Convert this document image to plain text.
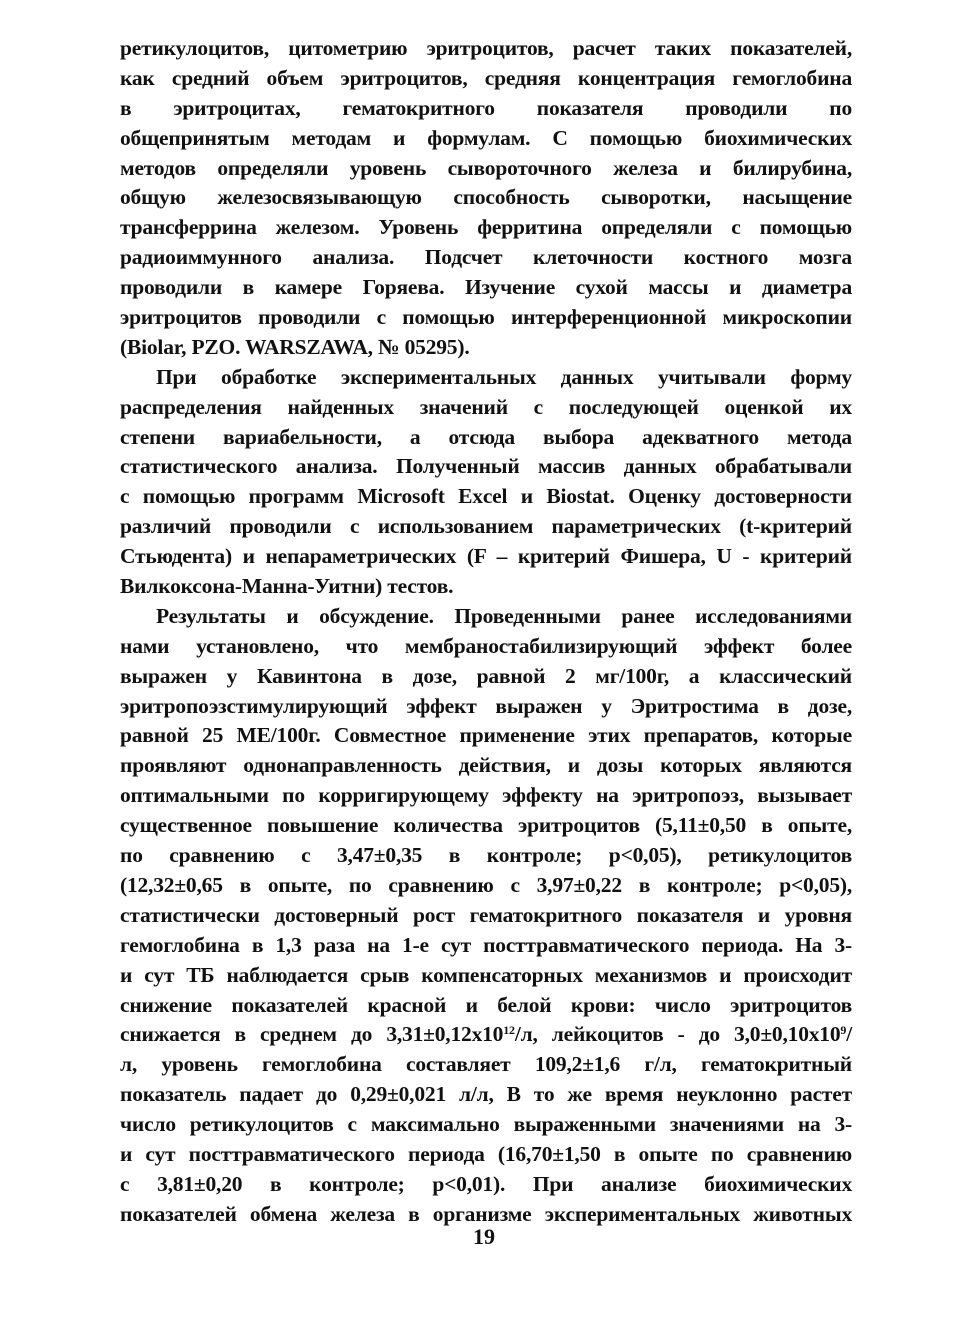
ретикулоцитов, цитометрию эритроцитов, расчет таких показателей,
как средний объем эритроцитов, средняя концентрация гемоглобина
в эритроцитах, гематокритного показателя проводили по
общепринятым методам и формулам. С помощью биохимических
методов определяли уровень сывороточного железа и билирубина,
общую железосвязывающую способность сыворотки, насыщение
трансферрина железом. Уровень ферритина определяли с помощью
радиоиммунного анализа. Подсчет клеточности костного мозга
проводили в камере Горяева. Изучение сухой массы и диаметра
эритроцитов проводили с помощью интерференционной микроскопии
(Biolar, PZO. WARSZAWA, № 05295).
При обработке экспериментальных данных учитывали форму
распределения найденных значений с последующей оценкой их
степени вариабельности, а отсюда выбора адекватного метода
статистического анализа. Полученный массив данных обрабатывали
с помощью программ Microsoft Excel и Biostat. Оценку достоверности
различий проводили с использованием параметрических (t-критерий
Стьюдента) и непараметрических (F – критерий Фишера, U - критерий
Вилкоксона-Манна-Уитни) тестов.
Результаты и обсуждение. Проведенными ранее исследованиями
нами установлено, что мембраностабилизирующий эффект более
выражен у Кавинтона в дозе, равной 2 мг/100г, а классический
эритропоэзстимулирующий эффект выражен у Эритростима в дозе,
равной 25 МЕ/100г. Совместное применение этих препаратов, которые
проявляют однонаправленность действия, и дозы которых являются
оптимальными по корригирующему эффекту на эритропоэз, вызывает
существенное повышение количества эритроцитов (5,11±0,50 в опыте,
по сравнению с 3,47±0,35 в контроле; р<0,05), ретикулоцитов
(12,32±0,65 в опыте, по сравнению с 3,97±0,22 в контроле; р<0,05),
статистически достоверный рост гематокритного показателя и уровня
гемоглобина в 1,3 раза на 1-е сут посттравматического периода. На 3-
и сут ТБ наблюдается срыв компенсаторных механизмов и происходит
снижение показателей красной и белой крови: число эритроцитов
снижается в среднем до $3,31\pm 0,12х10^{12}/л$, лейкоцитов - до $3,0\pm 0,10х10^9/$
л, уровень гемоглобина составляет 109,2±1,6 г/л, гематокритный
показатель падает до 0,29±0,021 л/л, В то же время неуклонно растет
число ретикулоцитов с максимально выраженными значениями на 3-
и сут посттравматического периода (16,70±1,50 в опыте по сравнению
с 3,81±0,20 в контроле; р<0,01). При анализе биохимических
показателей обмена железа в организме экспериментальных животных
19
